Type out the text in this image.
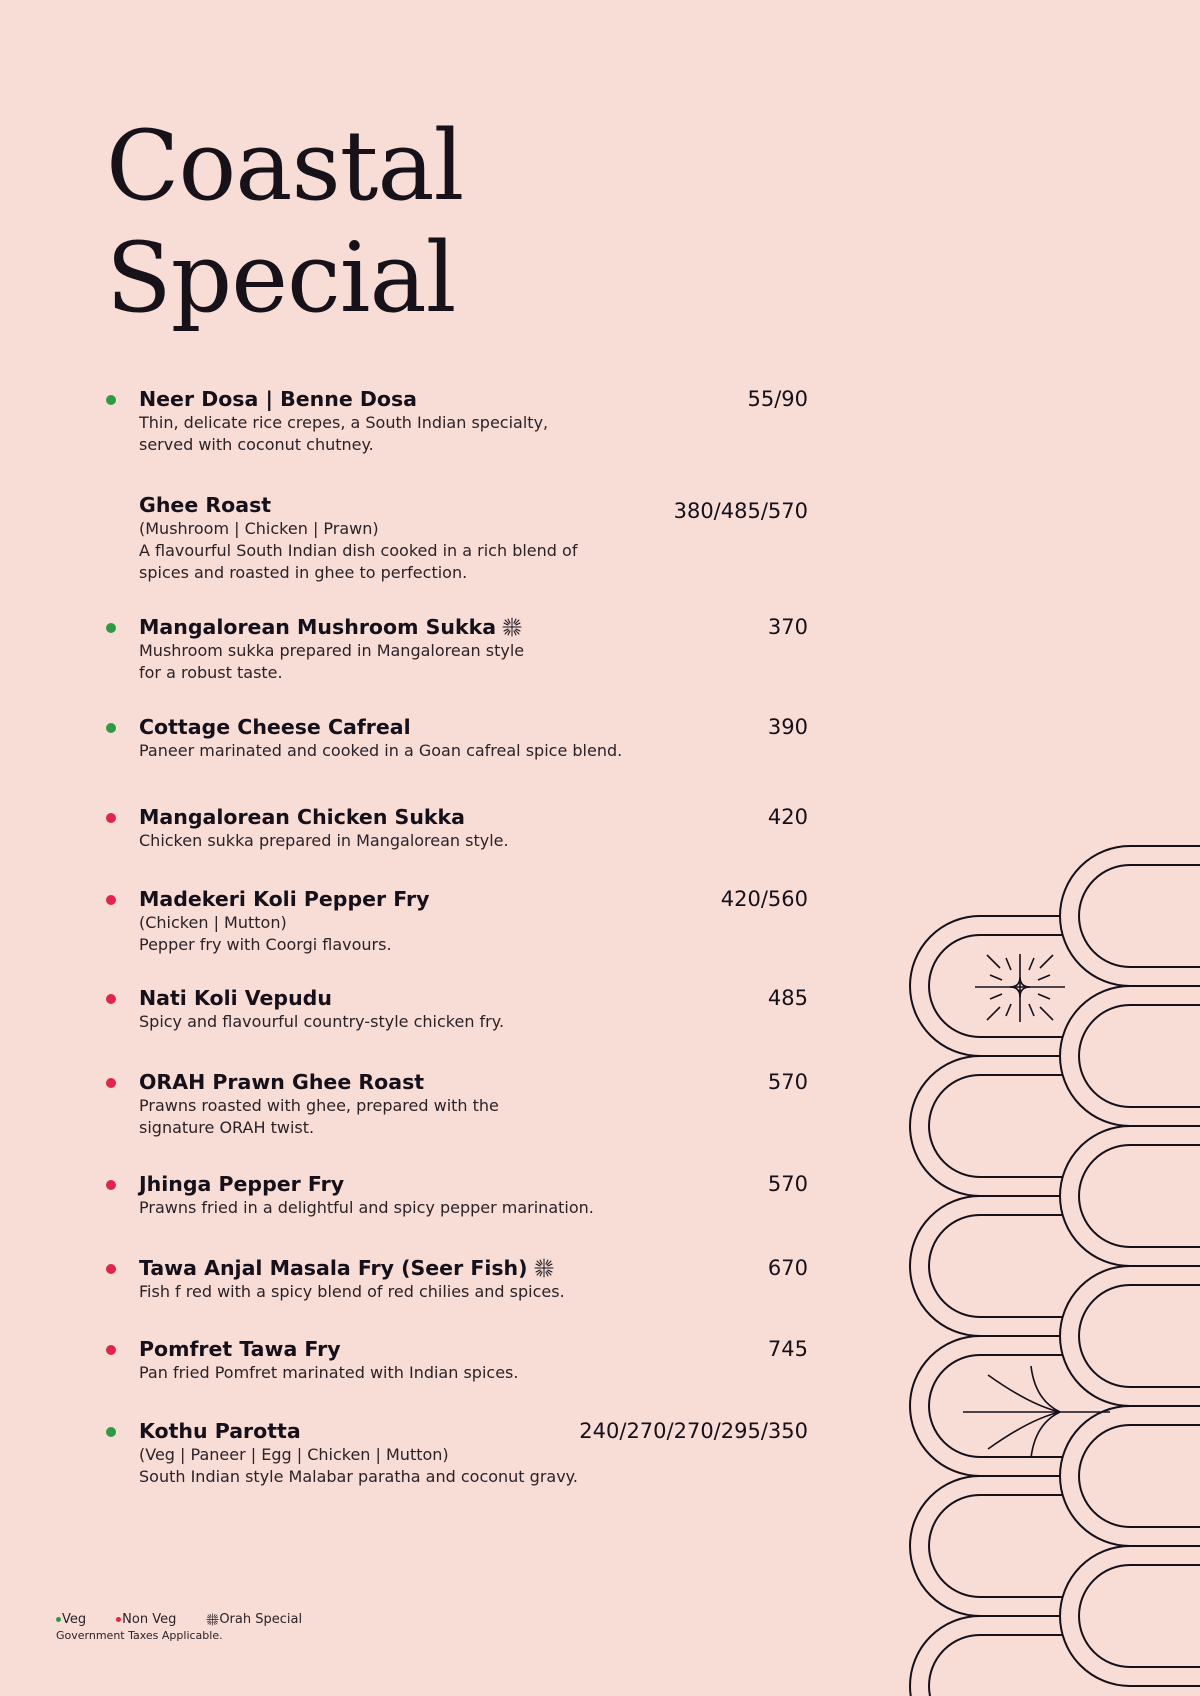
Coastal
Special
Neer Dosa | Benne Dosa	55/90
Thin, delicate rice crepes, a South Indian specialty,
served with coconut chutney.
Ghee Roast	380/485/570
(Mushroom | Chicken | Prawn)
A flavourful South Indian dish cooked in a rich blend of
spices and roasted in ghee to perfection.
Mangalorean Mushroom Sukka	370
Mushroom sukka prepared in Mangalorean style
for a robust taste.
Cottage Cheese Cafreal	390
Paneer marinated and cooked in a Goan cafreal spice blend.
Mangalorean Chicken Sukka	420
Chicken sukka prepared in Mangalorean style.
Madekeri Koli Pepper Fry	420/560
(Chicken | Mutton)
Pepper fry with Coorgi flavours.
Nati Koli Vepudu	485
Spicy and flavourful country-style chicken fry.
ORAH Prawn Ghee Roast	570
Prawns roasted with ghee, prepared with the
signature ORAH twist.
Jhinga Pepper Fry	570
Prawns fried in a delightful and spicy pepper marination.
Tawa Anjal Masala Fry (Seer Fish)	670
Fish f red with a spicy blend of red chilies and spices.
Pomfret Tawa Fry	745
Pan fried Pomfret marinated with Indian spices.
Kothu Parotta	240/270/270/295/350
(Veg | Paneer | Egg | Chicken | Mutton)
South Indian style Malabar paratha and coconut gravy.
Veg	Non Veg	Orah Special
Government Taxes Applicable.
